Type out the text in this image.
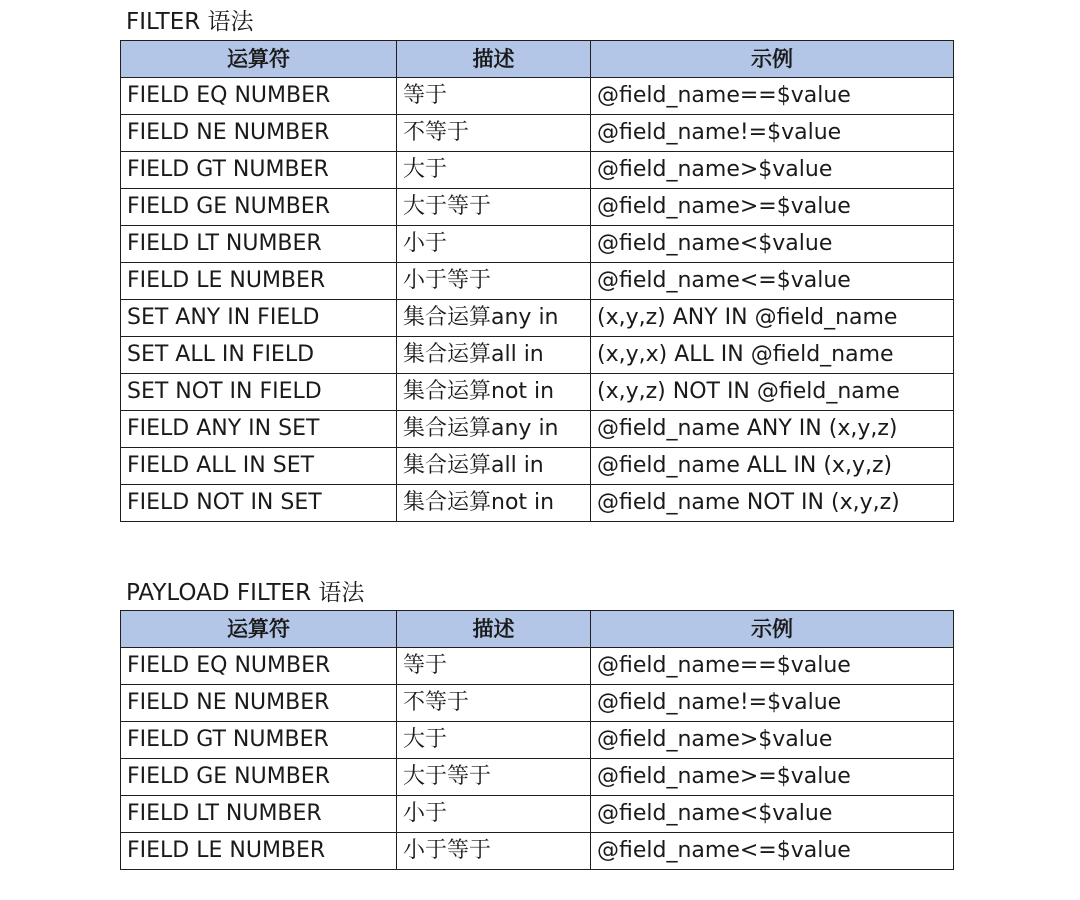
FILTER 语法
运算符	描述	示例
FIELD EQ NUMBER	等于	@field_name==$value
FIELD NE NUMBER	不等于	@field_name!=$value
FIELD GT NUMBER	大于	@field_name>$value
FIELD GE NUMBER	大于等于	@field_name>=$value
FIELD LT NUMBER	小于	@field_name<$value
FIELD LE NUMBER	小于等于	@field_name<=$value
SET ANY IN FIELD	集合运算any in	(x,y,z) ANY IN @field_name
SET ALL IN FIELD	集合运算all in	(x,y,x) ALL IN @field_name
SET NOT IN FIELD	集合运算not in	(x,y,z) NOT IN @field_name
FIELD ANY IN SET	集合运算any in	@field_name ANY IN (x,y,z)
FIELD ALL IN SET	集合运算all in	@field_name ALL IN (x,y,z)
FIELD NOT IN SET	集合运算not in	@field_name NOT IN (x,y,z)
PAYLOAD FILTER 语法
运算符	描述	示例
FIELD EQ NUMBER	等于	@field_name==$value
FIELD NE NUMBER	不等于	@field_name!=$value
FIELD GT NUMBER	大于	@field_name>$value
FIELD GE NUMBER	大于等于	@field_name>=$value
FIELD LT NUMBER	小于	@field_name<$value
FIELD LE NUMBER	小于等于	@field_name<=$value
